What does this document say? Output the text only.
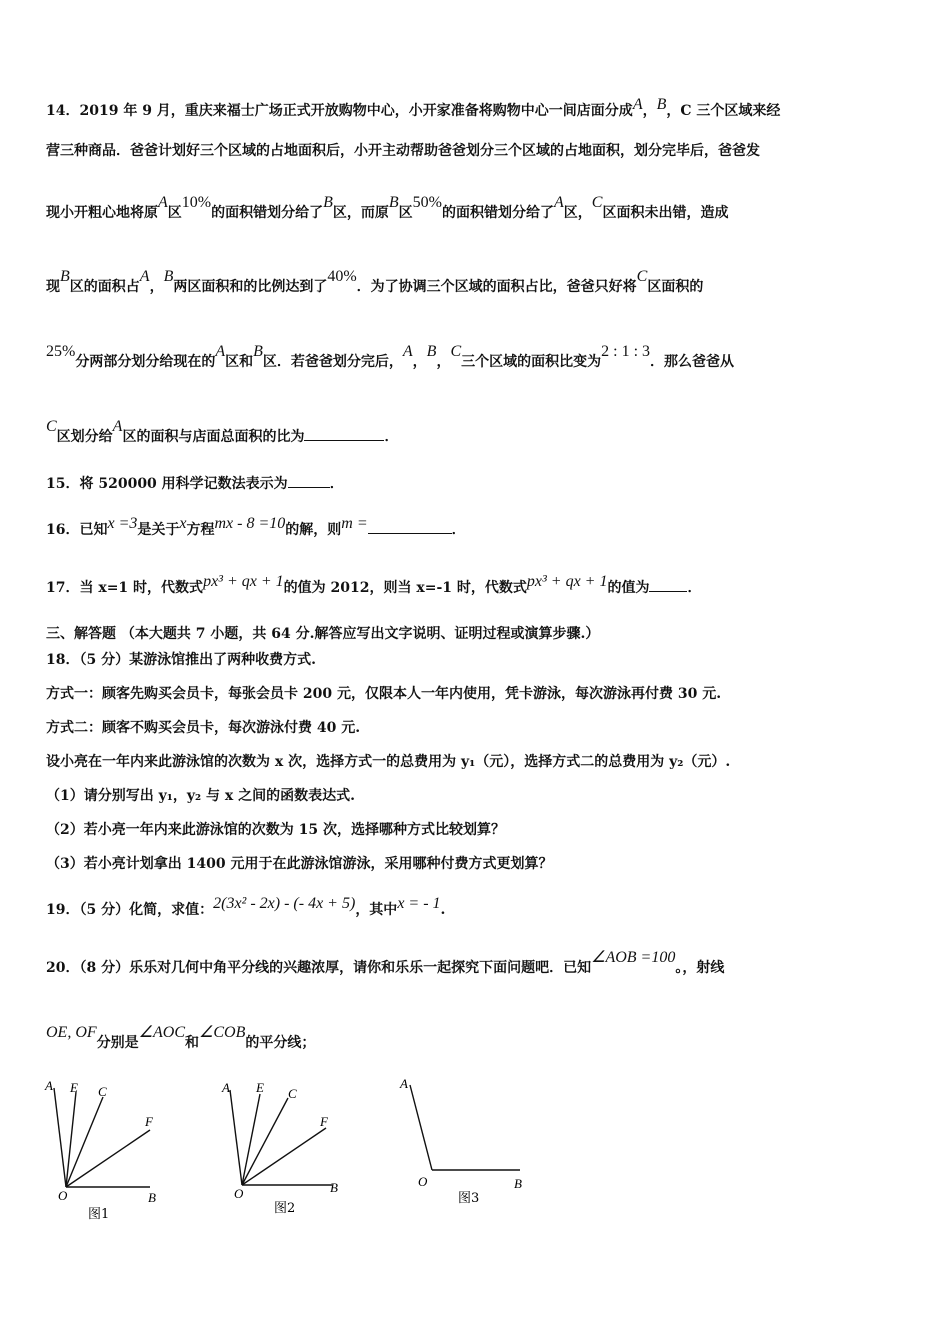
14．2019 年 9 月，重庆来福士广场正式开放购物中心，小开家准备将购物中心一间店面分成A，B，C 三个区域来经
营三种商品．爸爸计划好三个区域的占地面积后，小开主动帮助爸爸划分三个区域的占地面积，划分完毕后，爸爸发
现小开粗心地将原A区10%的面积错划分给了B区，而原B区50%的面积错划分给了A区，C区面积未出错，造成
现B区的面积占A，B两区面积和的比例达到了40%．为了协调三个区域的面积占比，爸爸只好将C区面积的
25%分两部分划分给现在的A区和B区．若爸爸划分完后，A，B，C三个区域的面积比变为2 : 1 : 3．那么爸爸从
C区划分给A区的面积与店面总面积的比为	．
15．将 520000 用科学记数法表示为	．
16．已知x =3是关于x方程mx - 8 =10的解，则m =	．
17．当 x=1 时，代数式px³ + qx + 1的值为 2012，则当 x=-1 时，代数式px³ + qx + 1的值为	．
三、解答题 （本大题共 7 小题，共 64 分.解答应写出文字说明、证明过程或演算步骤.）
18．（5 分）某游泳馆推出了两种收费方式.
方式一：顾客先购买会员卡，每张会员卡 200 元，仅限本人一年内使用，凭卡游泳，每次游泳再付费 30 元.
方式二：顾客不购买会员卡，每次游泳付费 40 元.
设小亮在一年内来此游泳馆的次数为 x 次，选择方式一的总费用为 y₁（元），选择方式二的总费用为 y₂（元）.
（1）请分别写出 y₁，y₂ 与 x 之间的函数表达式.
（2）若小亮一年内来此游泳馆的次数为 15 次，选择哪种方式比较划算？
（3）若小亮计划拿出 1400 元用于在此游泳馆游泳，采用哪种付费方式更划算？
19．（5 分）化简，求值：2(3x² - 2x) - (- 4x + 5)，其中x = - 1.
20．（8 分）乐乐对几何中角平分线的兴趣浓厚，请你和乐乐一起探究下面问题吧．已知∠AOB =100。，射线
OE, OF分别是∠AOC和∠COB的平分线；
A E C
F
O	B
图1
A E C
F
O	B
图2
A
O	B
图3
